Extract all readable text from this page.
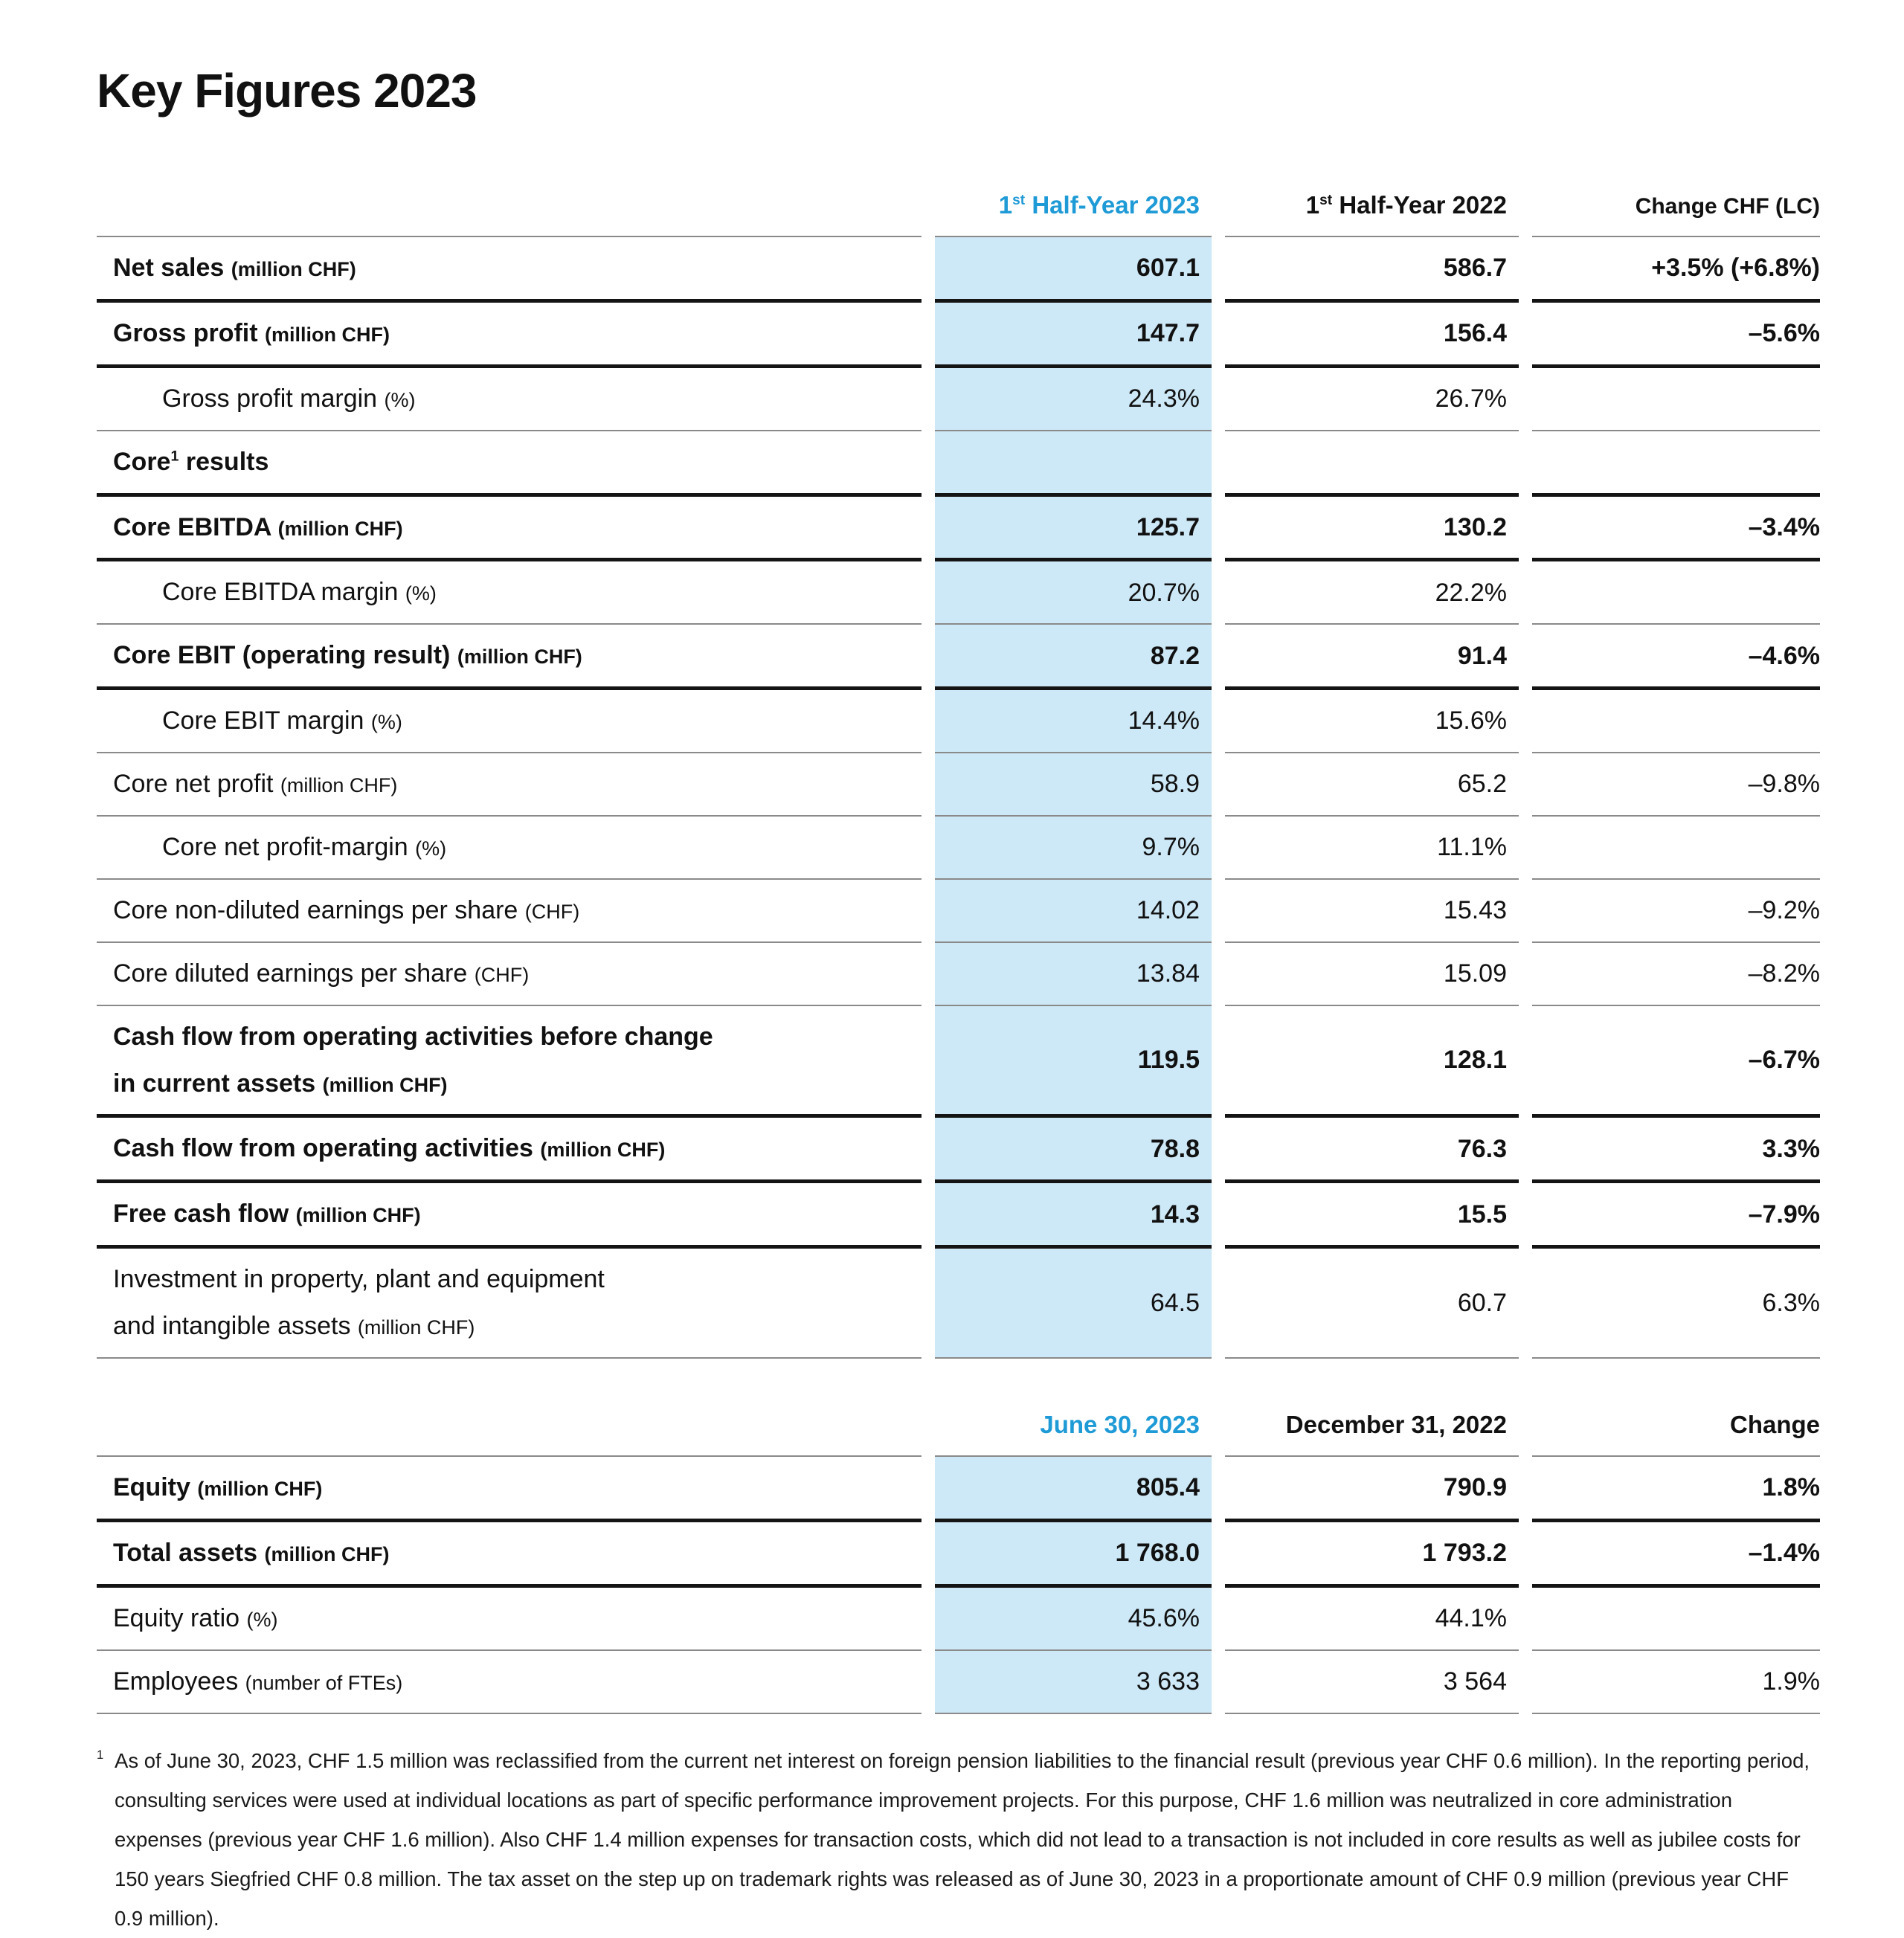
Key Figures 2023
1st Half-Year 2023	1st Half-Year 2022	Change CHF (LC)
Net sales (million CHF)	607.1	586.7	+3.5% (+6.8%)
Gross profit (million CHF)	147.7	156.4	–5.6%
Gross profit margin (%)	24.3%	26.7%
Core$^1$ results
Core EBITDA (million CHF)	125.7	130.2	–3.4%
Core EBITDA margin (%)	20.7%	22.2%
Core EBIT (operating result) (million CHF)	87.2	91.4	–4.6%
Core EBIT margin (%)	14.4%	15.6%
Core net profit (million CHF)	58.9	65.2	–9.8%
Core net profit-margin (%)	9.7%	11.1%
Core non-diluted earnings per share (CHF)	14.02	15.43	–9.2%
Core diluted earnings per share (CHF)	13.84	15.09	–8.2%
Cash flow from operating activities before change
in current assets (million CHF)
119.5	128.1	–6.7%
Cash flow from operating activities (million CHF)	78.8	76.3	3.3%
Free cash flow (million CHF)	14.3	15.5	–7.9%
Investment in property, plant and equipment
and intangible assets (million CHF)
64.5	60.7	6.3%
June 30, 2023	December 31, 2022	Change
Equity (million CHF)	805.4	790.9	1.8%
Total assets (million CHF)	1 768.0	1 793.2	–1.4%
Equity ratio (%)	45.6%	44.1%
Employees (number of FTEs)	3 633	3 564	1.9%
1 As of June 30, 2023, CHF 1.5 million was reclassified from the current net interest on foreign pension liabilities to the financial result (previous year CHF 0.6 million). In the reporting period, consulting services were used at individual locations as part of specific performance improvement projects. For this purpose, CHF 1.6 million was neutralized in core administration expenses (previous year CHF 1.6 million). Also CHF 1.4 million expenses for transaction costs, which did not lead to a transaction is not included in core results as well as jubilee costs for 150 years Siegfried CHF 0.8 million. The tax asset on the step up on trademark rights was released as of June 30, 2023 in a proportionate amount of CHF 0.9 million (previous year CHF 0.9 million).
